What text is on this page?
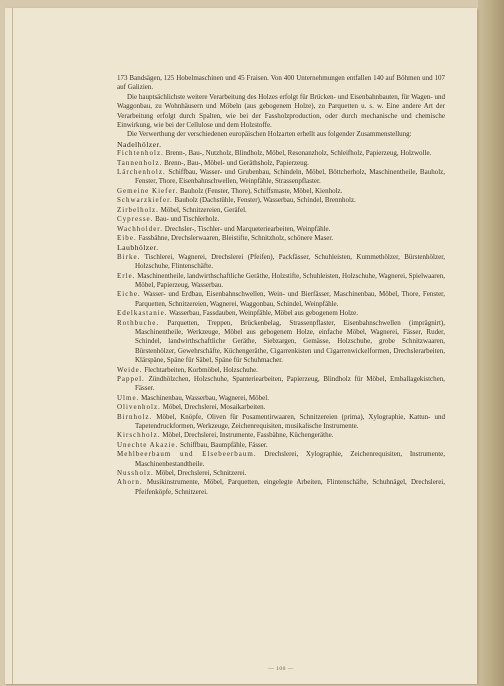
173 Bandsägen, 125 Hobelmaschinen und 45 Fraisen. Von 400 Unternehmungen entfallen 140 auf Böhmen und 107 auf Galizien.

Die hauptsächlichste weitere Verarbeitung des Holzes erfolgt für Brücken- und Eisenbahnbauten, für Wagen- und Waggonbau, zu Wohnhäusern und Möbeln (aus gebogenem Holze), zu Parquetten u. s. w. Eine andere Art der Verarbeitung erfolgt durch Spalten, wie bei der Fassholzproduction, oder durch mechanische und chemische Einwirkung, wie bei der Cellulose und dem Holzstoffe.

Die Verwerthung der verschiedenen europäischen Holzarten erhellt aus folgender Zusammenstellung:

Nadelhölzer.

Fichtenholz. Brenn-, Bau-, Nutzholz, Blindholz, Möbel, Resonanzholz, Schleifholz, Papierzeug, Holzwolle.

Tannenholz. Brenn-, Bau-, Möbel- und Geräthsholz, Papierzeug.

Lärchenholz. Schiffbau, Wasser- und Grubenbau, Schindeln, Möbel, Böttcherholz, Maschinentheile, Bauholz, Fenster, Thore, Eisenbahnschwellen, Weinpfähle, Strassenpflaster.

Gemeine Kiefer. Bauholz (Fenster, Thore), Schiffsmaste, Möbel, Kienholz.

Schwarzkiefer. Bauholz (Dachstühle, Fenster), Wasserbau, Schindel, Brennholz.

Zirbelholz. Möbel, Schnitzereien, Geräfel.

Cypresse. Bau- und Tischlerholz.

Wachholder. Drechsler-, Tischler- und Marqueteriearbeiten, Weinpfähle.

Eibe. Fassbähne, Drechslerwaaren, Bleistifte, Schnitzholz, schönere Maser.

Laubhölzer.

Birke. Tischlerei, Wagnerei, Drechslerei (Pfeifen), Packfässer, Schuhleisten, Kummethölzer, Bürstenhölzer, Holzschuhe, Flintenschäfte.

Erle. Maschinentheile, landwirthschaftliche Geräthe, Holzstifte, Schuhleisten, Holzschuhe, Wagnerei, Spielwaaren, Möbel, Papierzeug, Wasserbau.

Eiche. Wasser- und Erdbau, Eisenbahnschwellen, Wein- und Bierfässer, Maschinenbau, Möbel, Thore, Fenster, Parquetten, Schnitzereien, Wagnerei, Waggonbau, Schindel, Weinpfähle.

Edelkastanie. Wasserbau, Fassdauben, Weinpfähle, Möbel aus gebogenem Holze.

Rothbuche. Parquetten, Treppen, Brückenbelag, Strassenpflaster, Eisenbahnschwellen (imprägnirt), Maschinentheile, Werkzeuge, Möbel aus gebogenem Holze, einfache Möbel, Wagnerei, Fässer, Ruder, Schindel, landwirthschaftliche Geräthe, Siebzargen, Gemässe, Holzschuhe, grobe Schnitzwaaren, Bürstenhölzer, Gewehrschäfte, Küchengeräthe, Cigarrenkisten und Cigarrenwickelformen, Drechslerarbeiten, Klärspäne, Späne für Säbel, Späne für Schuhmacher.

Weide. Flechtarbeiten, Korbmöbel, Holzschuhe.

Pappel. Zündhölzchen, Holzschuhe, Spanteriearbeiten, Papierzeug, Blindholz für Möbel, Emballagekistchen, Fässer.

Ulme. Maschinenbau, Wasserbau, Wagnerei, Möbel.

Olivenholz. Möbel, Drechslerei, Mosaikarbeiten.

Birnholz. Möbel, Knöpfe, Oliven für Posamentirwaaren, Schnitzereien (prima), Xylographie, Kattun- und Tapetendruckformen, Werkzeuge, Zeichenrequisiten, musikalische Instrumente.

Kirschholz. Möbel, Drechslerei, Instrumente, Fassbähne, Küchengeräthe.

Unechte Akazie. Schiffbau, Baumpfähle, Fässer.

Mehlbeerbaum und Elsebeerbaum. Drechslerei, Xylographie, Zeichenrequisiten, Instrumente, Maschinenbestandtheile.

Nussholz. Möbel, Drechslerei, Schnitzerei.

Ahorn. Musikinstrumente, Möbel, Parquetten, eingelegte Arbeiten, Flintenschäfte, Schuhnägel, Drechslerei, Pfeifenköpfe, Schnitzerei.

— 100 —
